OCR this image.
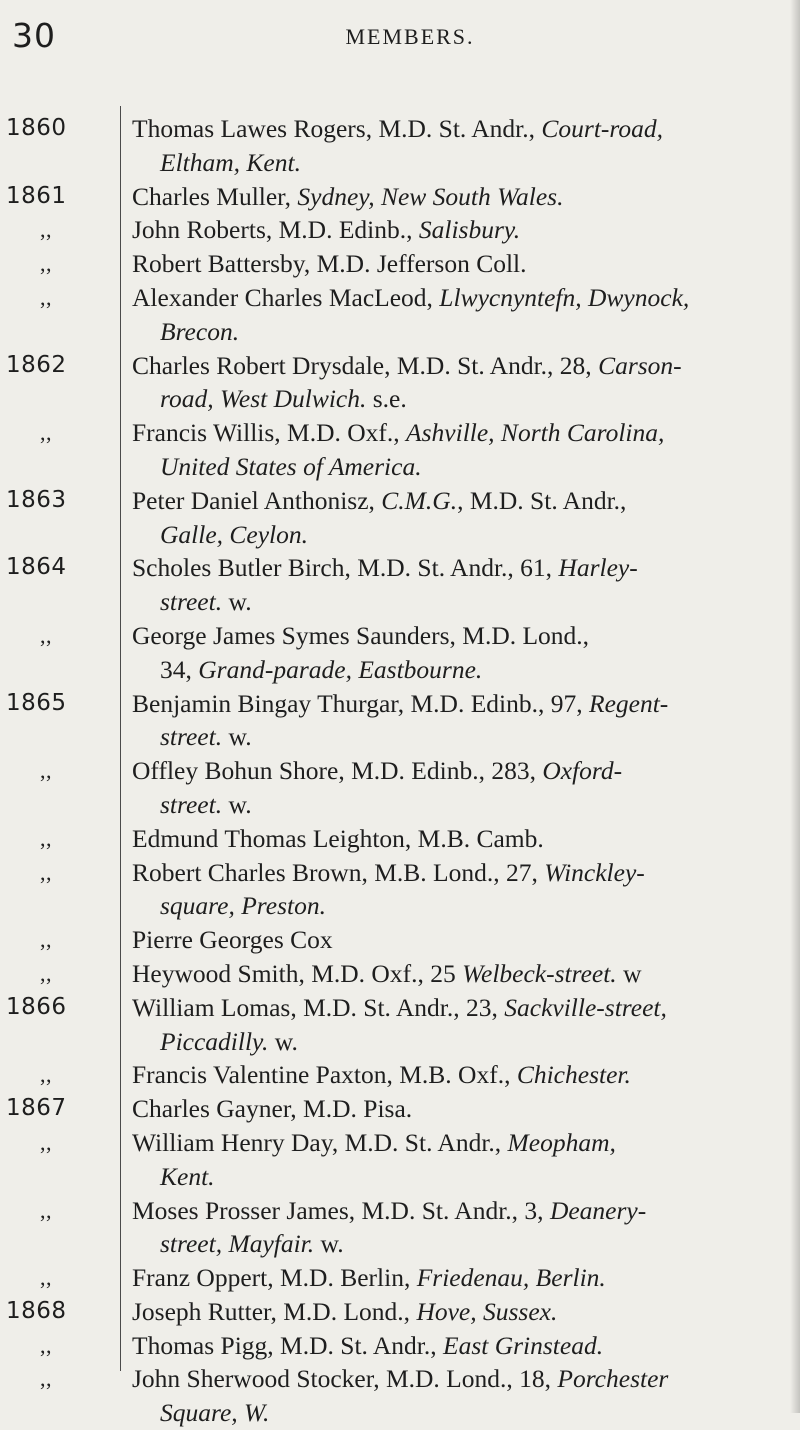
30	MEMBERS.
1860	Thomas Lawes Rogers, M.D. St. Andr., Court-road,
Eltham, Kent.
1861	Charles Muller, Sydney, New South Wales.
,,	John Roberts, M.D. Edinb., Salisbury.
,,	Robert Battersby, M.D. Jefferson Coll.
,,	Alexander Charles MacLeod, Llwycnyntefn, Dwynock,
Brecon.
1862	Charles Robert Drysdale, M.D. St. Andr., 28, Carson-
road, West Dulwich. s.e.
,,	Francis Willis, M.D. Oxf., Ashville, North Carolina,
United States of America.
1863	Peter Daniel Anthonisz, C.M.G., M.D. St. Andr.,
Galle, Ceylon.
1864	Scholes Butler Birch, M.D. St. Andr., 61, Harley-
street. w.
,,	George James Symes Saunders, M.D. Lond.,
34, Grand-parade, Eastbourne.
1865	Benjamin Bingay Thurgar, M.D. Edinb., 97, Regent-
street. w.
,,	Offley Bohun Shore, M.D. Edinb., 283, Oxford-
street. w.
,,	Edmund Thomas Leighton, M.B. Camb.
,,	Robert Charles Brown, M.B. Lond., 27, Winckley-
square, Preston.
,,	Pierre Georges Cox
,,	Heywood Smith, M.D. Oxf., 25 Welbeck-street. w
1866	William Lomas, M.D. St. Andr., 23, Sackville-street,
Piccadilly. w.
,,	Francis Valentine Paxton, M.B. Oxf., Chichester.
1867	Charles Gayner, M.D. Pisa.
,,	William Henry Day, M.D. St. Andr., Meopham,
Kent.
,,	Moses Prosser James, M.D. St. Andr., 3, Deanery-
street, Mayfair. w.
,,	Franz Oppert, M.D. Berlin, Friedenau, Berlin.
1868	Joseph Rutter, M.D. Lond., Hove, Sussex.
,,	Thomas Pigg, M.D. St. Andr., East Grinstead.
,,	John Sherwood Stocker, M.D. Lond., 18, Porchester
Square, W.
